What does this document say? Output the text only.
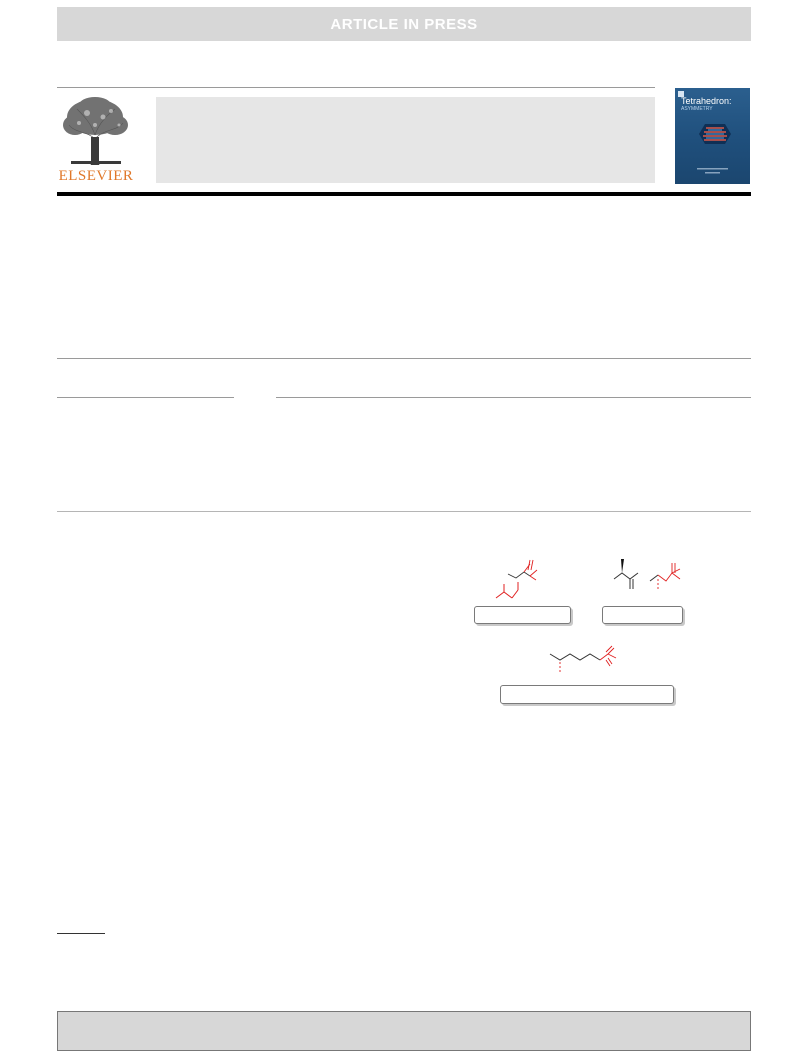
ARTICLE IN PRESS
ELSEVIER
Tetrahedron:
ASYMMETRY
